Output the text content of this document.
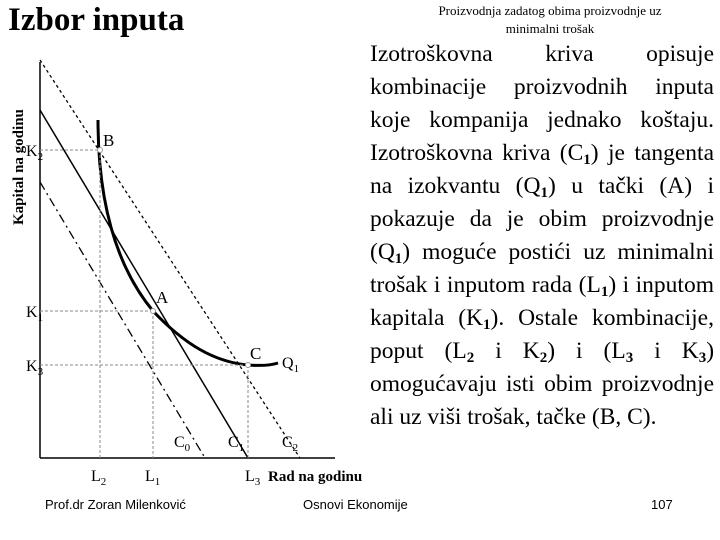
Izbor inputa	Proizvodnja zadatog obima proizvodnje uz
minimalni trošak
B
A
C
Kapital na godinu $K_2$
$K_1$
$K_3$
$L_2$ $L_1$	$L_3$ Rad na godinu
$C_0$ $C_1$ $C_2$
$Q_1$
Izotroškovna kriva opisuje kombinacije proizvodnih inputa koje kompanija jednako koštaju. Izotroškovna kriva $(C_1)$ je tangenta na izokvantu $(Q_1)$ u tački (A) i pokazuje da je obim proizvodnje $(Q_1)$ moguće postići uz minimalni trošak i inputom rada $(L_1)$ i inputom kapitala $(K_1)$. Ostale kombinacije, poput ($L_2$ i $K_2$) i ($L_3$ i $K_3$) omogućavaju isti obim proizvodnje ali uz viši trošak, tačke (B, C).
Prof.dr Zoran Milenković	Osnovi Ekonomije	107
